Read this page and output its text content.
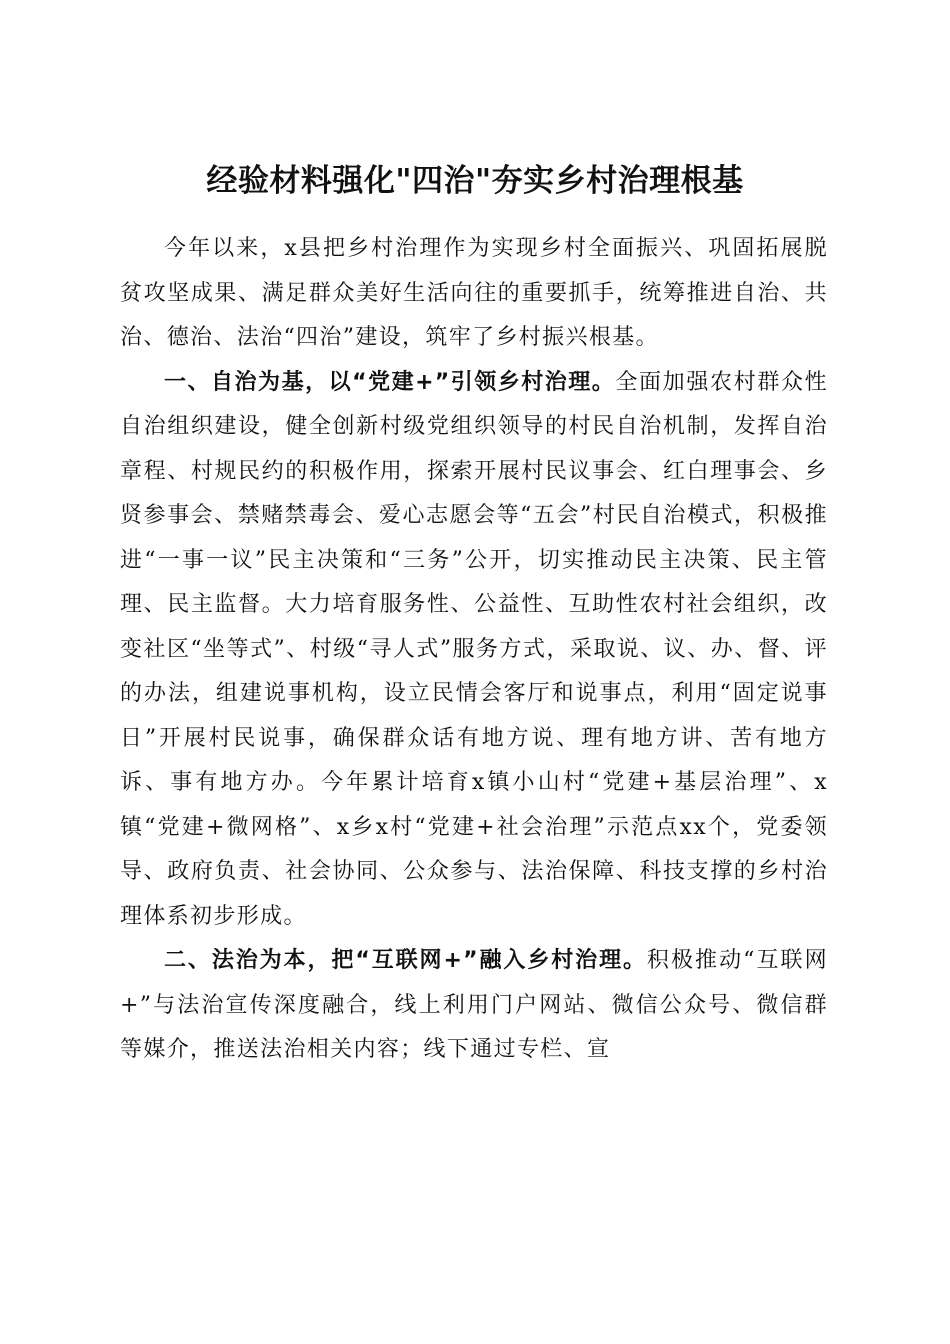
经验材料强化"四治"夯实乡村治理根基

今年以来，x县把乡村治理作为实现乡村全面振兴、巩固拓展脱贫攻坚成果、满足群众美好生活向往的重要抓手，统筹推进自治、共治、德治、法治“四治”建设，筑牢了乡村振兴根基。

一、自治为基，以“党建+”引领乡村治理。全面加强农村群众性自治组织建设，健全创新村级党组织领导的村民自治机制，发挥自治章程、村规民约的积极作用，探索开展村民议事会、红白理事会、乡贤参事会、禁赌禁毒会、爱心志愿会等“五会”村民自治模式，积极推进“一事一议”民主决策和“三务”公开，切实推动民主决策、民主管理、民主监督。大力培育服务性、公益性、互助性农村社会组织，改变社区“坐等式”、村级“寻人式”服务方式，采取说、议、办、督、评的办法，组建说事机构，设立民情会客厅和说事点，利用“固定说事日”开展村民说事，确保群众话有地方说、理有地方讲、苦有地方诉、事有地方办。今年累计培育x镇小山村“党建+基层治理”、x镇“党建+微网格”、x乡x村“党建+社会治理”示范点xx个，党委领导、政府负责、社会协同、公众参与、法治保障、科技支撑的乡村治理体系初步形成。

二、法治为本，把“互联网+”融入乡村治理。积极推动“互联网+”与法治宣传深度融合，线上利用门户网站、微信公众号、微信群等媒介，推送法治相关内容；线下通过专栏、宣
